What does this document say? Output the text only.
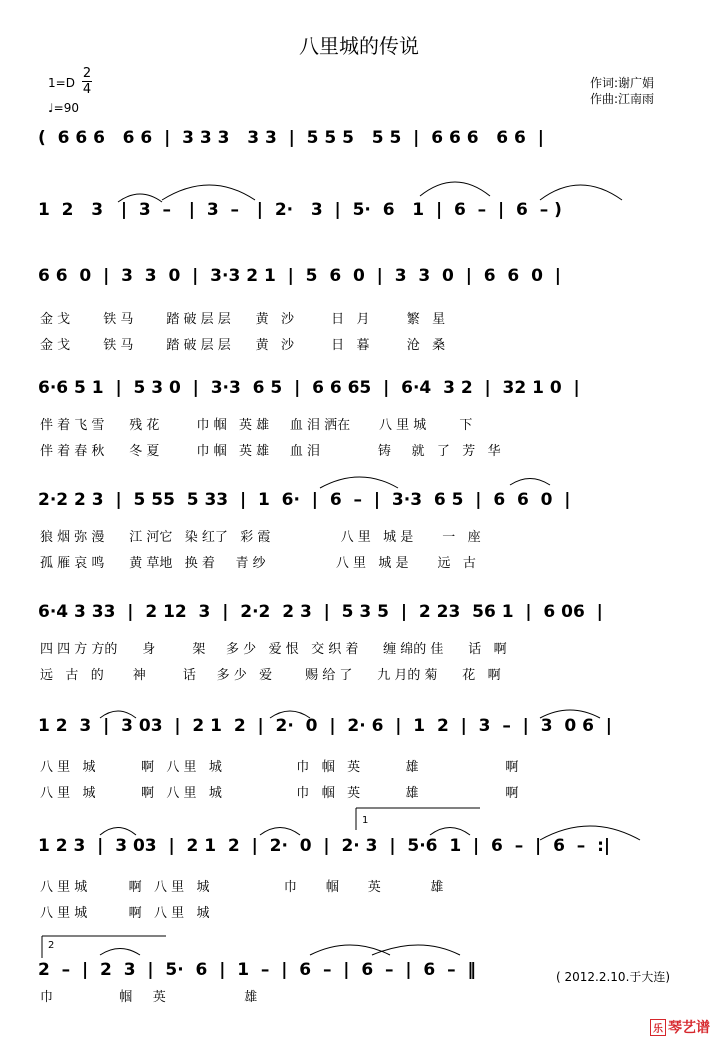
八里城的传说
1=D
2
4
♩=90
作词:谢广娟
作曲:江南雨
(  6 6 6   6 6  |  3 3 3   3 3  |  5 5 5   5 5  |  6 6 6   6 6  |
1  2   3   |  3  –   |  3  –   |  2·   3  |  5·  6   1  |  6  –  |  6  – )
6 6  0  |  3  3  0  |  3·3 2 1  |  5  6  0  |  3  3  0  |  6  6  0  |
金 戈        铁 马        踏 破 层 层      黄   沙         日   月         繁   星
金 戈        铁 马        踏 破 层 层      黄   沙         日   暮         沧   桑
6·6 5 1  |  5 3 0  |  3·3  6 5  |  6 6 65  |  6·4  3 2  |  32 1 0  |
伴 着 飞 雪      残 花         巾 帼   英 雄     血 泪 洒在       八 里 城        下
伴 着 春 秋      冬 夏         巾 帼   英 雄     血 泪              铸     就   了   芳   华
2·2 2 3  |  5 55  5 33  |  1  6·  |  6  –  |  3·3  6 5  |  6  6  0  |
狼 烟 弥 漫      江 河它   染 红了   彩 霞                 八 里   城 是       一   座
孤 雁 哀 鸣      黄 草地   换 着     青 纱                 八 里   城 是       远   古
6·4 3 33  |  2 12  3  |  2·2  2 3  |  5 3 5  |  2 23  56 1  |  6 06  |
四 四 方 方的      身         架     多 少   爱 恨   交 织 着      缠 绵的 佳      话   啊
远   古   的       神         话     多 少   爱        赐 给 了      九 月的 菊      花   啊
1 2  3  |  3 03  |  2 1  2  |  2·  0  |  2· 6  |  1  2  |  3  –  |  3  0 6  |
八 里   城           啊   八 里   城                  巾   帼   英           雄                     啊
八 里   城           啊   八 里   城                  巾   帼   英           雄                     啊
1 2 3  |  3 03  |  2 1  2  |  2·  0  |  2· 3  |  5·6  1  |  6  –  |  6  –  :|
八 里 城          啊   八 里   城                  巾       帼       英            雄
八 里 城          啊   八 里   城
2  –  |  2  3  |  5·  6  |  1  –  |  6  –  |  6  –  |  6  –  ‖
巾                帼     英                   雄
1
2
( 2012.2.10.于大连)
乐 琴艺谱
